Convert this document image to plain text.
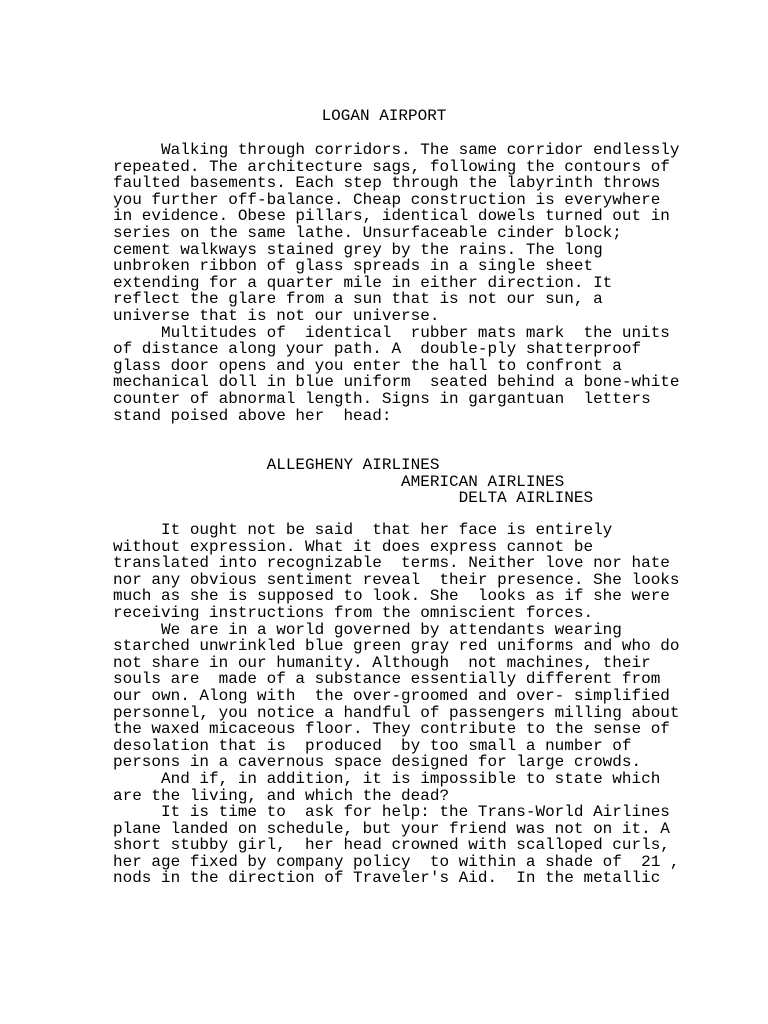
LOGAN AIRPORT
Walking through corridors. The same corridor endlessly
repeated. The architecture sags, following the contours of
faulted basements. Each step through the labyrinth throws
you further off-balance. Cheap construction is everywhere
in evidence. Obese pillars, identical dowels turned out in
series on the same lathe. Unsurfaceable cinder block;
cement walkways stained grey by the rains. The long
unbroken ribbon of glass spreads in a single sheet
extending for a quarter mile in either direction. It
reflect the glare from a sun that is not our sun, a
universe that is not our universe.
Multitudes of  identical  rubber mats mark  the units
of distance along your path. A  double-ply shatterproof
glass door opens and you enter the hall to confront a
mechanical doll in blue uniform  seated behind a bone-white
counter of abnormal length. Signs in gargantuan  letters
stand poised above her  head:
ALLEGHENY AIRLINES
AMERICAN AIRLINES
DELTA AIRLINES
It ought not be said  that her face is entirely
without expression. What it does express cannot be
translated into recognizable  terms. Neither love nor hate
nor any obvious sentiment reveal  their presence. She looks
much as she is supposed to look. She  looks as if she were
receiving instructions from the omniscient forces.
We are in a world governed by attendants wearing
starched unwrinkled blue green gray red uniforms and who do
not share in our humanity. Although  not machines, their
souls are  made of a substance essentially different from
our own. Along with  the over-groomed and over- simplified
personnel, you notice a handful of passengers milling about
the waxed micaceous floor. They contribute to the sense of
desolation that is  produced  by too small a number of
persons in a cavernous space designed for large crowds.
And if, in addition, it is impossible to state which
are the living, and which the dead?
It is time to  ask for help: the Trans-World Airlines
plane landed on schedule, but your friend was not on it. A
short stubby girl,  her head crowned with scalloped curls,
her age fixed by company policy  to within a shade of  21 ,
nods in the direction of Traveler's Aid.  In the metallic
